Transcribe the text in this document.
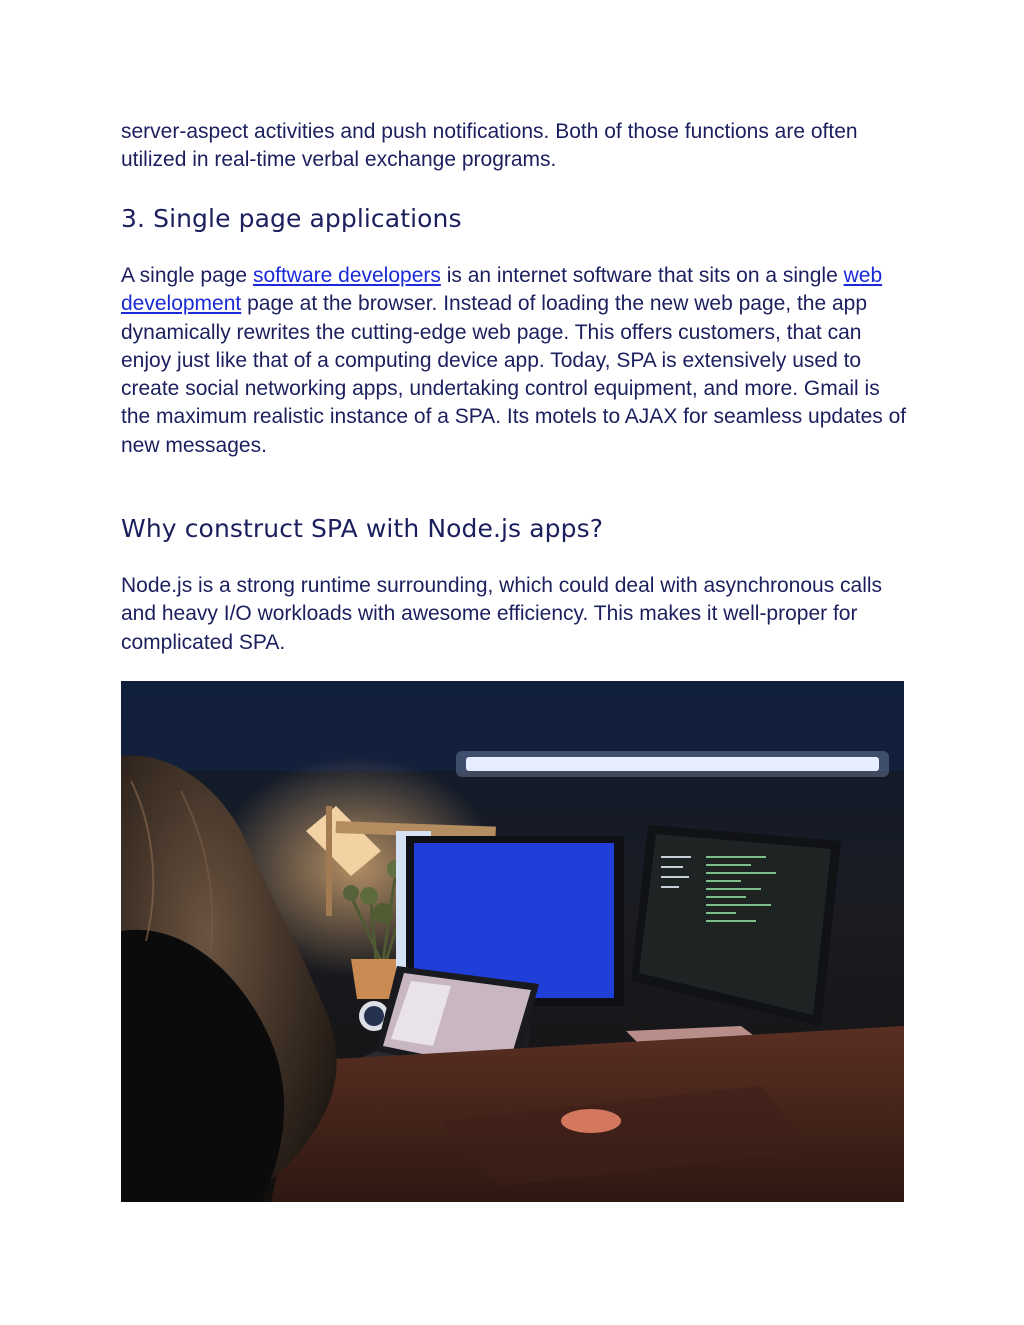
server-aspect activities and push notifications. Both of those functions are often utilized in real-time verbal exchange programs.

3. Single page applications

A single page software developers is an internet software that sits on a single web development page at the browser. Instead of loading the new web page, the app dynamically rewrites the cutting-edge web page. This offers customers, that can enjoy just like that of a computing device app. Today, SPA is extensively used to create social networking apps, undertaking control equipment, and more. Gmail is the maximum realistic instance of a SPA. Its motels to AJAX for seamless updates of new messages.

Why construct SPA with Node.js apps?

Node.js is a strong runtime surrounding, which could deal with asynchronous calls and heavy I/O workloads with awesome efficiency. This makes it well-proper for complicated SPA.
